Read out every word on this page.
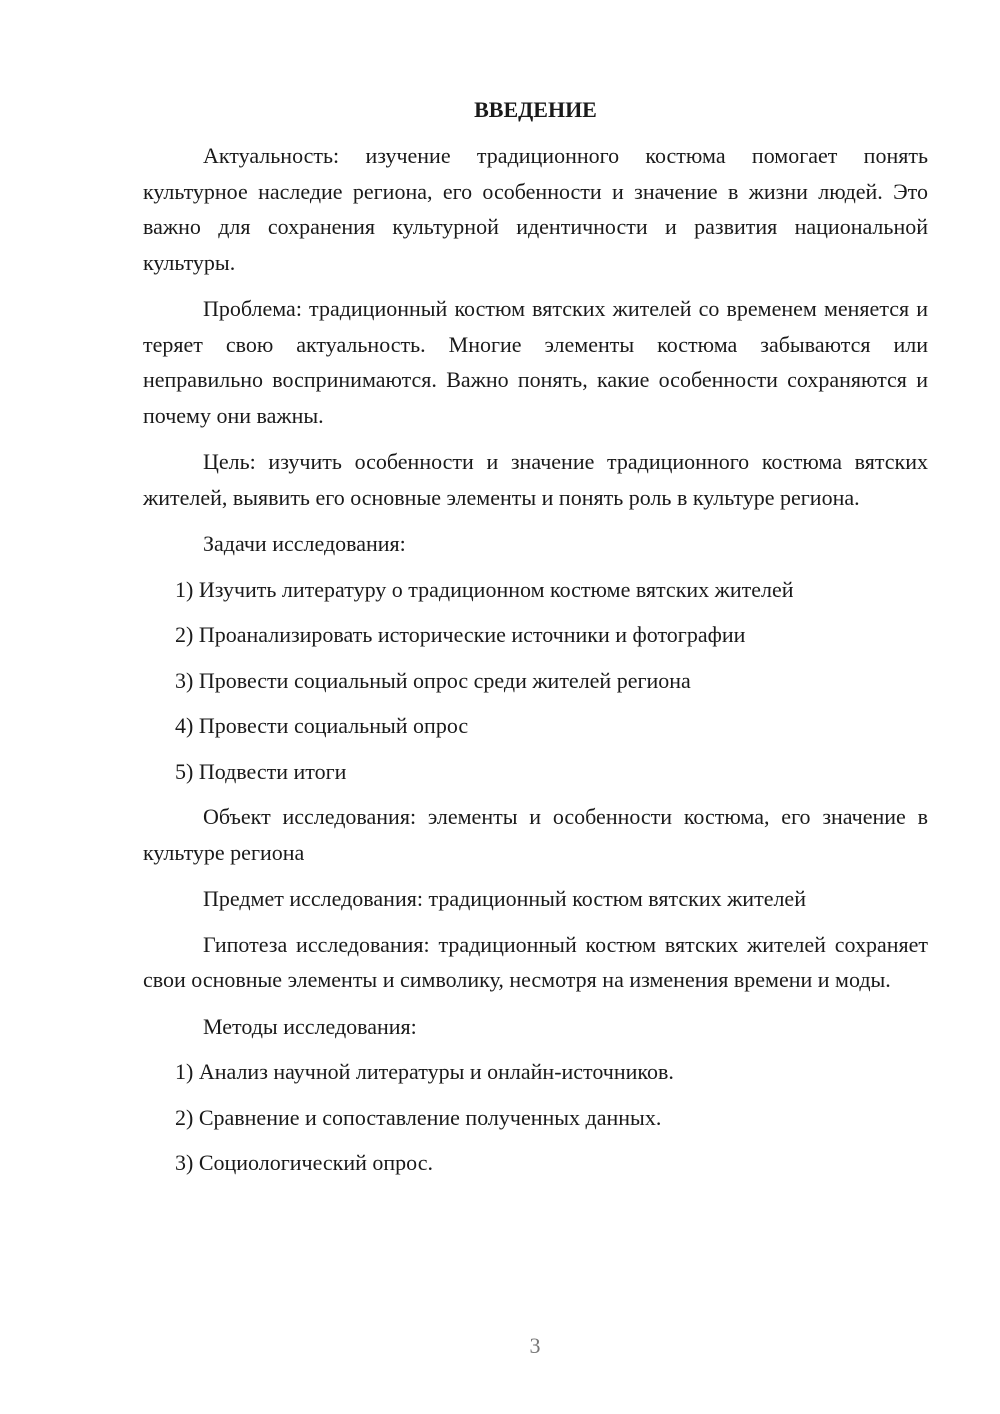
ВВЕДЕНИЕ
Актуальность: изучение традиционного костюма помогает понять культурное наследие региона, его особенности и значение в жизни людей. Это важно для сохранения культурной идентичности и развития национальной культуры.
Проблема: традиционный костюм вятских жителей со временем меняется и теряет свою актуальность. Многие элементы костюма забываются или неправильно воспринимаются. Важно понять, какие особенности сохраняются и почему они важны.
Цель: изучить особенности и значение традиционного костюма вятских жителей, выявить его основные элементы и понять роль в культуре региона.
Задачи исследования:
1) Изучить литературу о традиционном костюме вятских жителей
2) Проанализировать исторические источники и фотографии
3) Провести социальный опрос среди жителей региона
4) Провести социальный опрос
5) Подвести итоги
Объект исследования: элементы и особенности костюма, его значение в культуре региона
Предмет исследования: традиционный костюм вятских жителей
Гипотеза исследования: традиционный костюм вятских жителей сохраняет свои основные элементы и символику, несмотря на изменения времени и моды.
Методы исследования:
1) Анализ научной литературы и онлайн-источников.
2) Сравнение и сопоставление полученных данных.
3) Социологический опрос.
3
